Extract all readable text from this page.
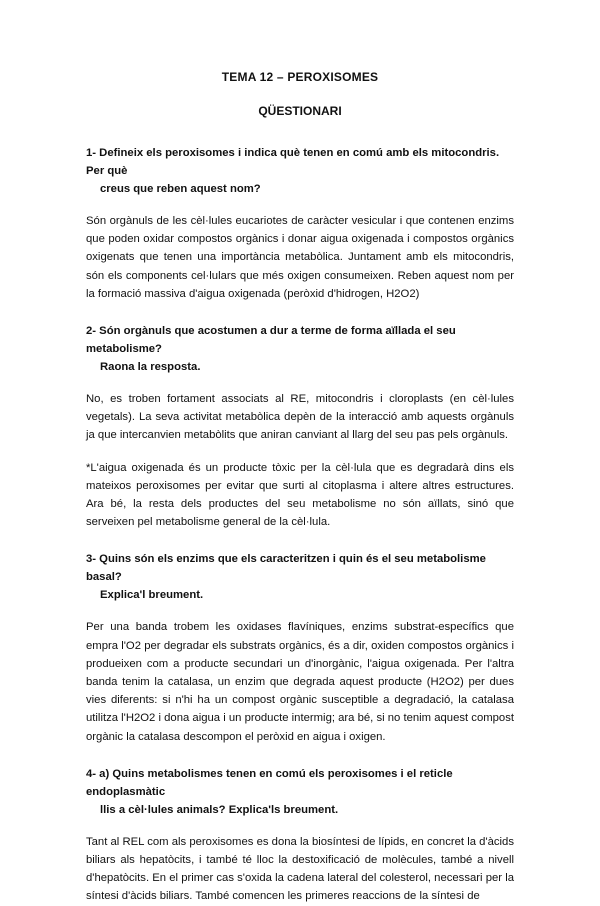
TEMA 12 – PEROXISOMES
QÜESTIONARI
1- Defineix els peroxisomes i indica què tenen en comú amb els mitocondris. Per què
creus que reben aquest nom?

Són orgànuls de les cèl·lules eucariotes de caràcter vesicular i que contenen enzims que poden oxidar compostos orgànics i donar aigua oxigenada i compostos orgànics oxigenats que tenen una importància metabòlica. Juntament amb els mitocondris, són els components cel·lulars que més oxigen consumeixen. Reben aquest nom per la formació massiva d'aigua oxigenada (peròxid d'hidrogen, H2O2)

2- Són orgànuls que acostumen a dur a terme de forma aïllada el seu metabolisme?
Raona la resposta.

No, es troben fortament associats al RE, mitocondris i cloroplasts (en cèl·lules vegetals). La seva activitat metabòlica depèn de la interacció amb aquests orgànuls ja que intercanvien metabòlits que aniran canviant al llarg del seu pas pels orgànuls.

*L'aigua oxigenada és un producte tòxic per la cèl·lula que es degradarà dins els mateixos peroxisomes per evitar que surti al citoplasma i altere altres estructures. Ara bé, la resta dels productes del seu metabolisme no són aïllats, sinó que serveixen pel metabolisme general de la cèl·lula.

3- Quins són els enzims que els caracteritzen i quin és el seu metabolisme basal?
Explica'l breument.

Per una banda trobem les oxidases flavíniques, enzims substrat-específics que empra l'O2 per degradar els substrats orgànics, és a dir, oxiden compostos orgànics i produeixen com a producte secundari un d'inorgànic, l'aigua oxigenada. Per l'altra banda tenim la catalasa, un enzim que degrada aquest producte (H2O2) per dues vies diferents: si n'hi ha un compost orgànic susceptible a degradació, la catalasa utilitza l'H2O2 i dona aigua i un producte intermig; ara bé, si no tenim aquest compost orgànic la catalasa descompon el peròxid en aigua i oxigen.

4- a) Quins metabolismes tenen en comú els peroxisomes i el reticle endoplasmàtic
llis a cèl·lules animals? Explica'ls breument.

Tant al REL com als peroxisomes es dona la biosíntesi de lípids, en concret la d'àcids biliars als hepatòcits, i també té lloc la destoxificació de molècules, també a nivell d'hepatòcits. En el primer cas s'oxida la cadena lateral del colesterol, necessari per la síntesi d'àcids biliars. També comencen les primeres reaccions de la síntesi de
